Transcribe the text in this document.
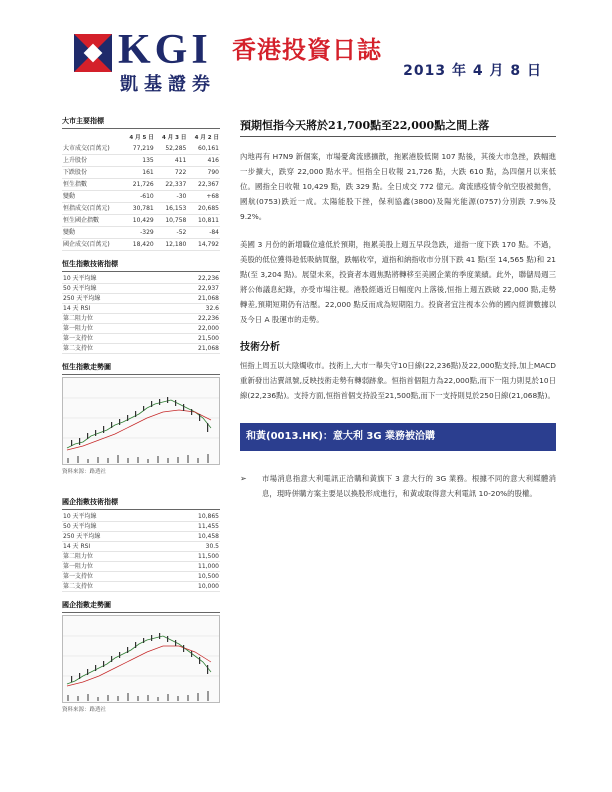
KGI
凱基證券
香港投資日誌
2013 年 4 月 8 日
大市主要指標
	4 月 5 日	4 月 3 日	4 月 2 日
大市成交(百萬元)	77,219	52,285	60,161
上升股份	135	411	416
下跌股份	161	722	790
恒生指數	21,726	22,337	22,367
變動	-610	-30	+68
恒指成交(百萬元)	30,781	16,153	20,685
恒生國企指數	10,429	10,758	10,811
變動	-329	-52	-84
國企成交(百萬元)	18,420	12,180	14,792
恒生指數技術指標
10 天平均線	22,236
50 天平均線	22,937
250 天平均線	21,068
14 天 RSI	32.6
第二阻力位	22,236
第一阻力位	22,000
第一支持位	21,500
第二支持位	21,068
恒生指數走勢圖
資料來源：路透社
國企指數技術指標
10 天平均線	10,865
50 天平均線	11,455
250 天平均線	10,458
14 天 RSI	30.5
第二阻力位	11,500
第一阻力位	11,000
第一支持位	10,500
第二支持位	10,000
國企指數走勢圖
資料來源：路透社
預期恒指今天將於21,700點至22,000點之間上落
內地再有 H7N9 新個案，市場憂禽流感擴散，拖累港股低開 107 點後，其後大市急挫，跌幅進一步擴大，跌穿 22,000 點水平。恒指全日收報 21,726 點，大跌 610 點，為四個月以來低位。國指全日收報 10,429 點，跌 329 點。全日成交 772 億元。禽流感疫情令航空股被拋售，國航(0753)跌近一成。太陽能股下挫，保利協鑫(3800)及陽光能源(0757)分別跌 7.9%及 9.2%。
美國 3 月份的新增職位遠低於預期，拖累美股上週五早段急跌，道指一度下跌 170 點。不過，美股的低位獲得趁低吸納買盤，跌幅收窄，道指和納指收市分別下跌 41 點(至 14,565 點)和 21 點(至 3,204 點)。展望未來，投資者本週焦點將轉移至美國企業的季度業績。此外，聯儲局週三將公佈議息紀錄，亦受市場注視。港股經過近日幅度內上落後,恒指上週五跌破 22,000 點,走勢轉差,預期短期仍有沽壓。22,000 點反而成為短期阻力。投資者宜注視本公佈的國內經濟數據以及今日 A 股運市的走勢。
技術分析
恒指上周五以大陰燭收市。技術上,大市一舉失守10日線(22,236點)及22,000點支持,加上MACD重新發出沽賣訊號,反映技術走勢有轉弱跡象。恒指首個阻力為22,000點,而下一阻力則見於10日線(22,236點)。支持方面,恒指首個支持設至21,500點,而下一支持則見於250日線(21,068點)。
和黃(0013.HK)：意大利 3G 業務被洽購
➢	市場消息指意大利電訊正洽購和黃旗下 3 意大行的 3G 業務。根據不同的意大利媒體消息，現時併購方案主要是以換股形成進行，和黃或取得意大利電訊 10-20%的股權。
